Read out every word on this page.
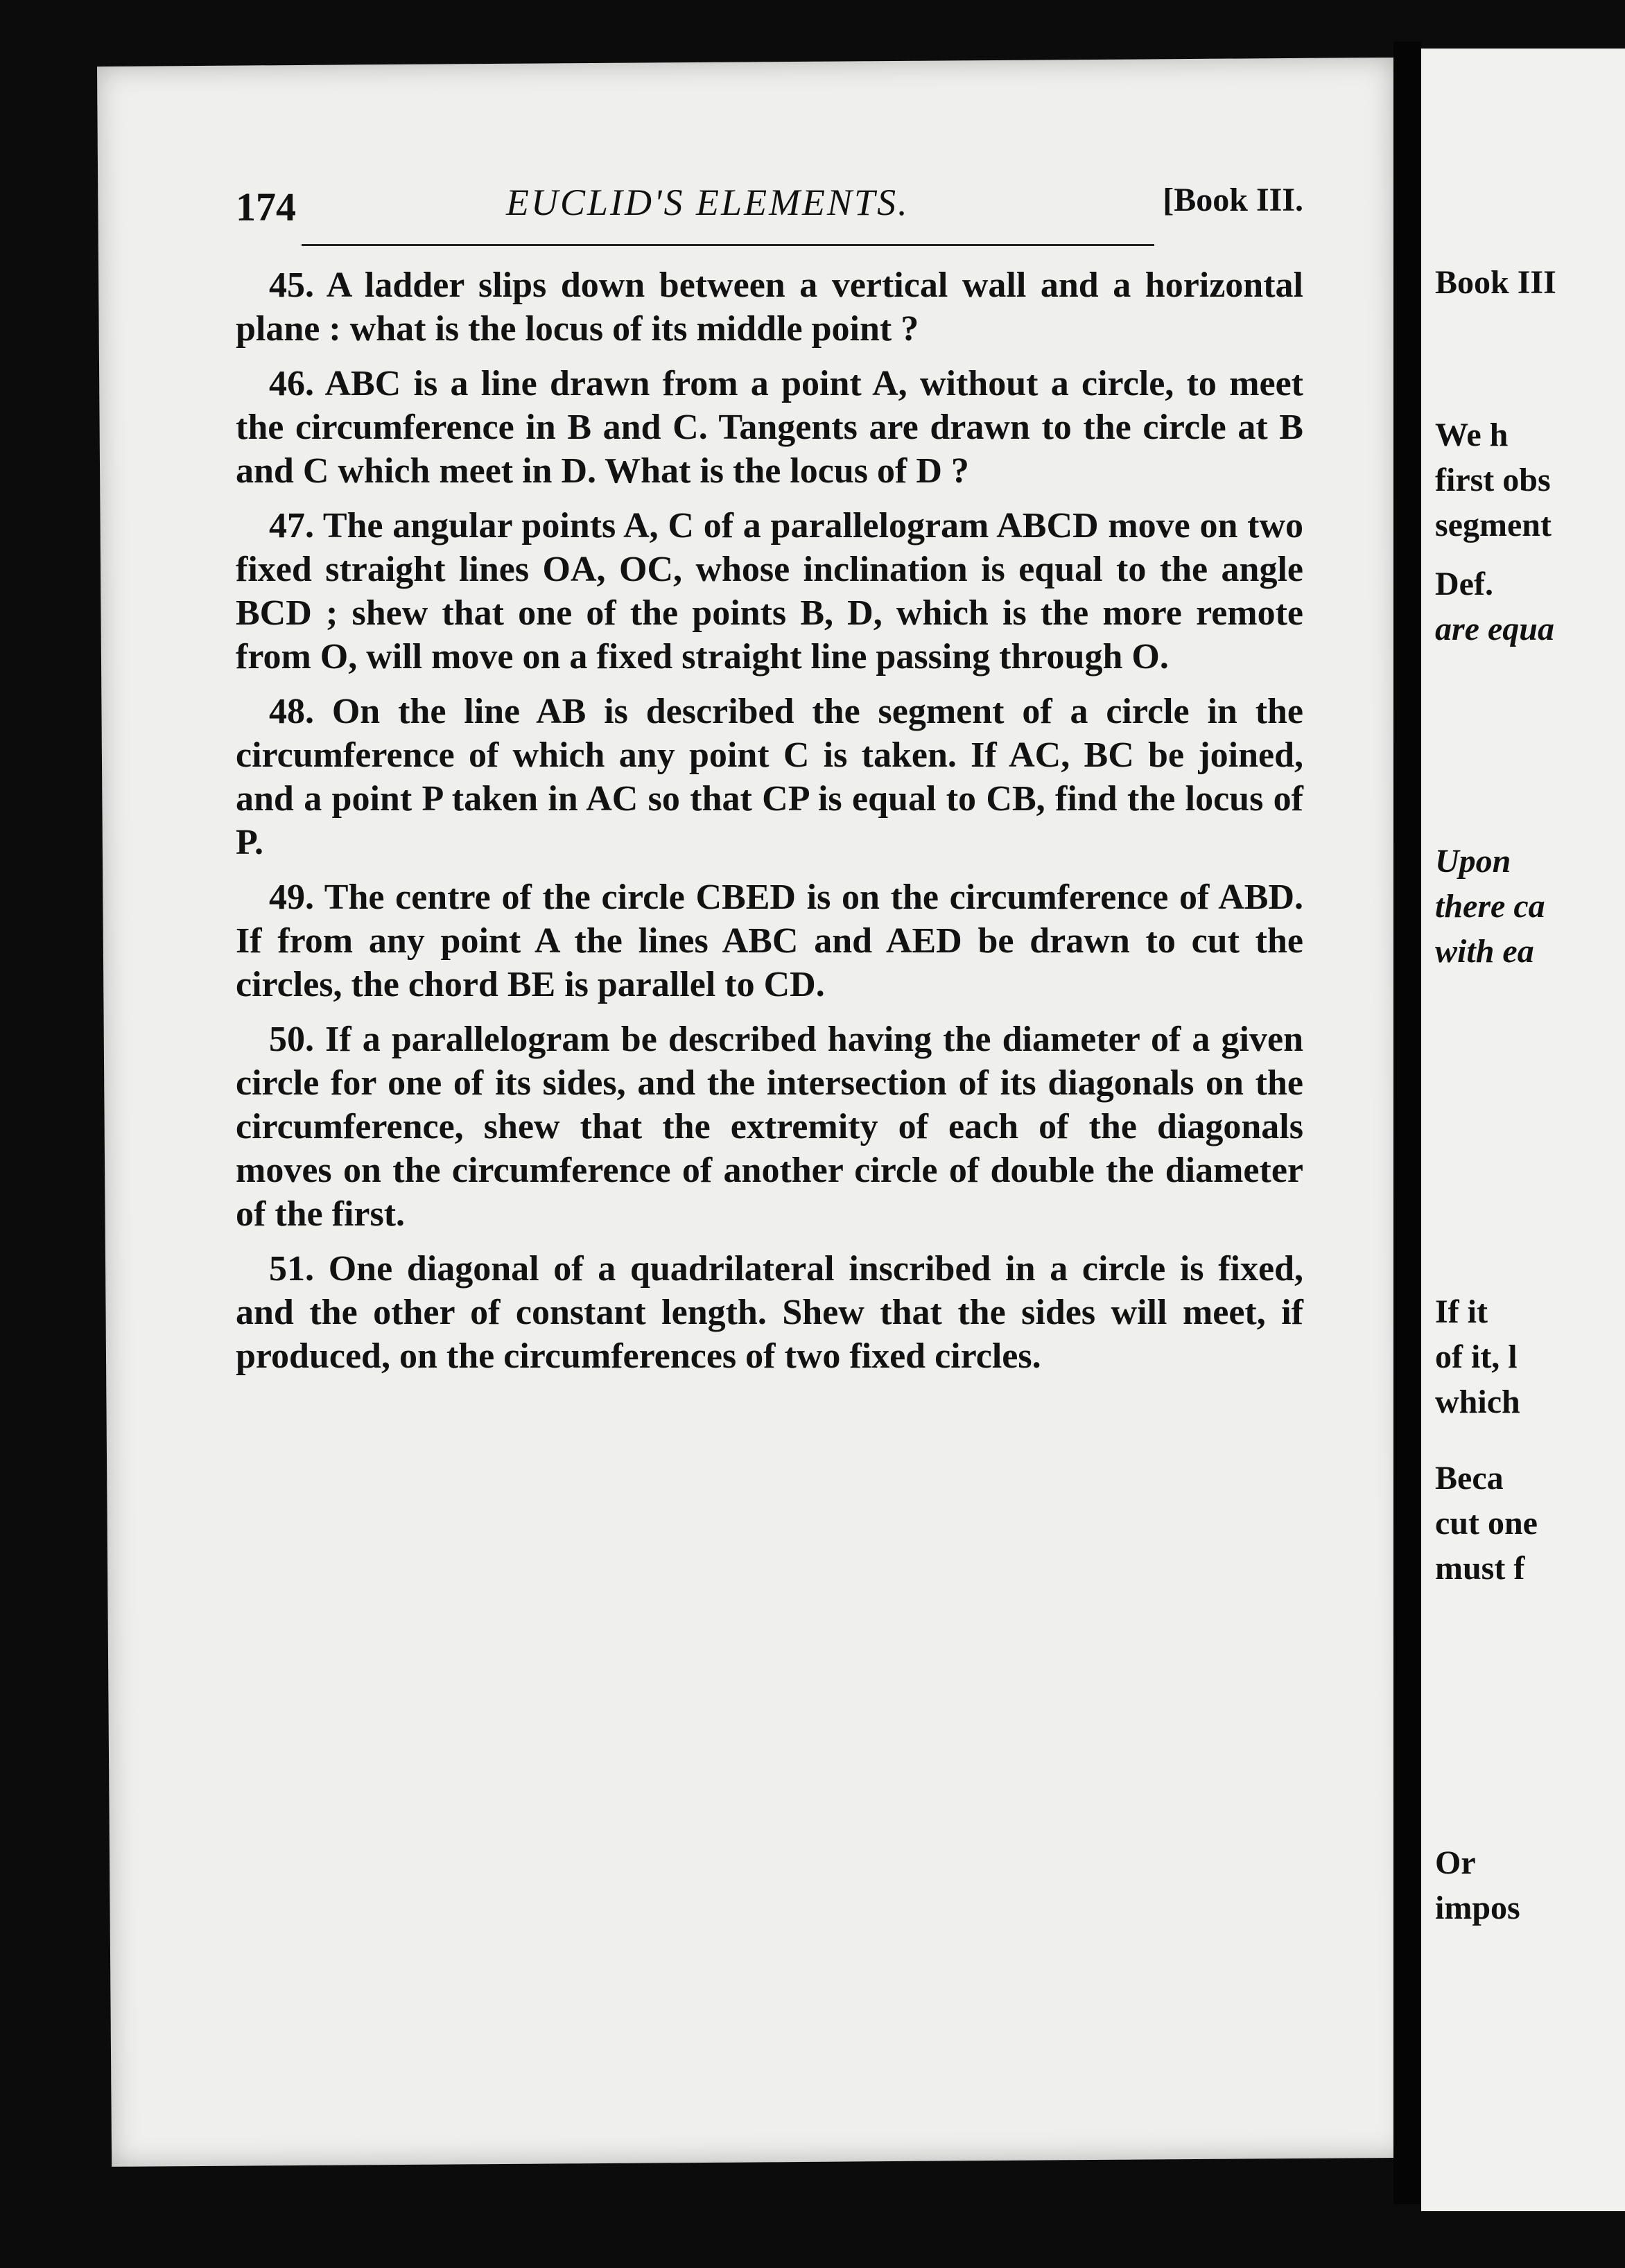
Book III
We h
first obs
segment
Def.
are equa
Upon
there ca
with ea
If it
of it, l
which
Beca
cut one
must f
Or
impos
174	EUCLID'S ELEMENTS.	[Book III.

45. A ladder slips down between a vertical wall and a horizontal plane : what is the locus of its middle point ?

46. ABC is a line drawn from a point A, without a circle, to meet the circumference in B and C. Tangents are drawn to the circle at B and C which meet in D. What is the locus of D ?

47. The angular points A, C of a parallelogram ABCD move on two fixed straight lines OA, OC, whose inclination is equal to the angle BCD ; shew that one of the points B, D, which is the more remote from O, will move on a fixed straight line passing through O.

48. On the line AB is described the segment of a circle in the circumference of which any point C is taken. If AC, BC be joined, and a point P taken in AC so that CP is equal to CB, find the locus of P.

49. The centre of the circle CBED is on the circumference of ABD. If from any point A the lines ABC and AED be drawn to cut the circles, the chord BE is parallel to CD.

50. If a parallelogram be described having the diameter of a given circle for one of its sides, and the intersection of its diagonals on the circumference, shew that the extremity of each of the diagonals moves on the circumference of another circle of double the diameter of the first.

51. One diagonal of a quadrilateral inscribed in a circle is fixed, and the other of constant length. Shew that the sides will meet, if produced, on the circumferences of two fixed circles.
